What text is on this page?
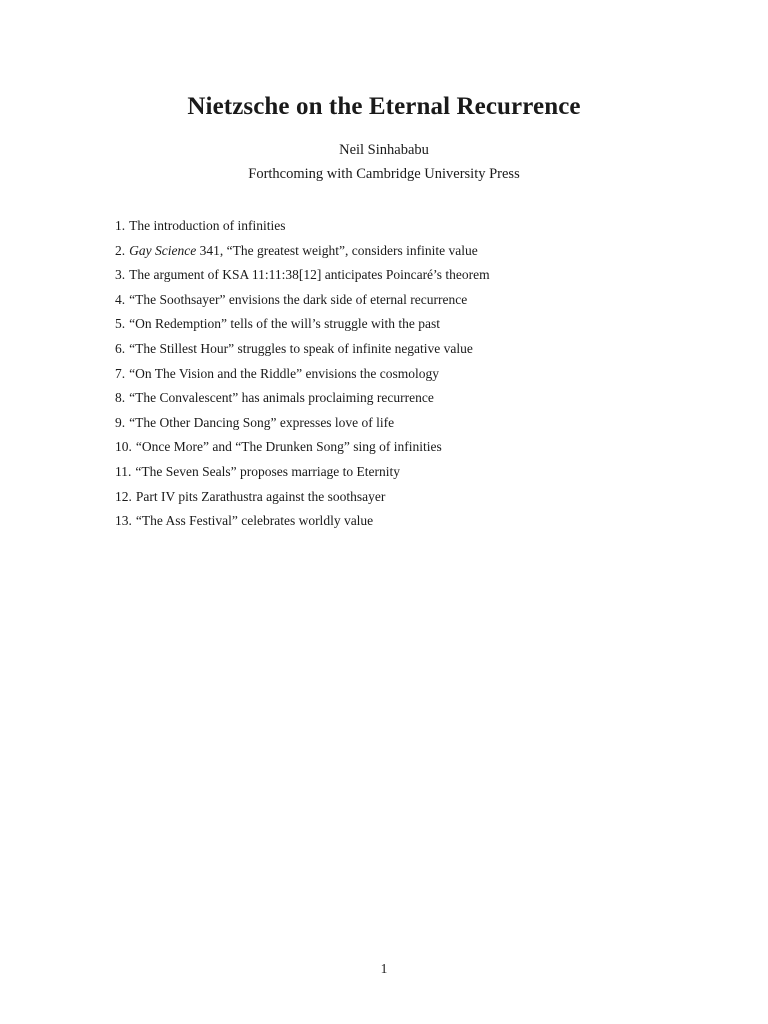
Nietzsche on the Eternal Recurrence

Neil Sinhababu

Forthcoming with Cambridge University Press

1. The introduction of infinities
2. Gay Science 341, “The greatest weight”, considers infinite value
3. The argument of KSA 11:11:38[12] anticipates Poincaré’s theorem
4. “The Soothsayer” envisions the dark side of eternal recurrence
5. “On Redemption” tells of the will’s struggle with the past
6. “The Stillest Hour” struggles to speak of infinite negative value
7. “On The Vision and the Riddle” envisions the cosmology
8. “The Convalescent” has animals proclaiming recurrence
9. “The Other Dancing Song” expresses love of life
10. “Once More” and “The Drunken Song” sing of infinities
11. “The Seven Seals” proposes marriage to Eternity
12. Part IV pits Zarathustra against the soothsayer
13. “The Ass Festival” celebrates worldly value

1
